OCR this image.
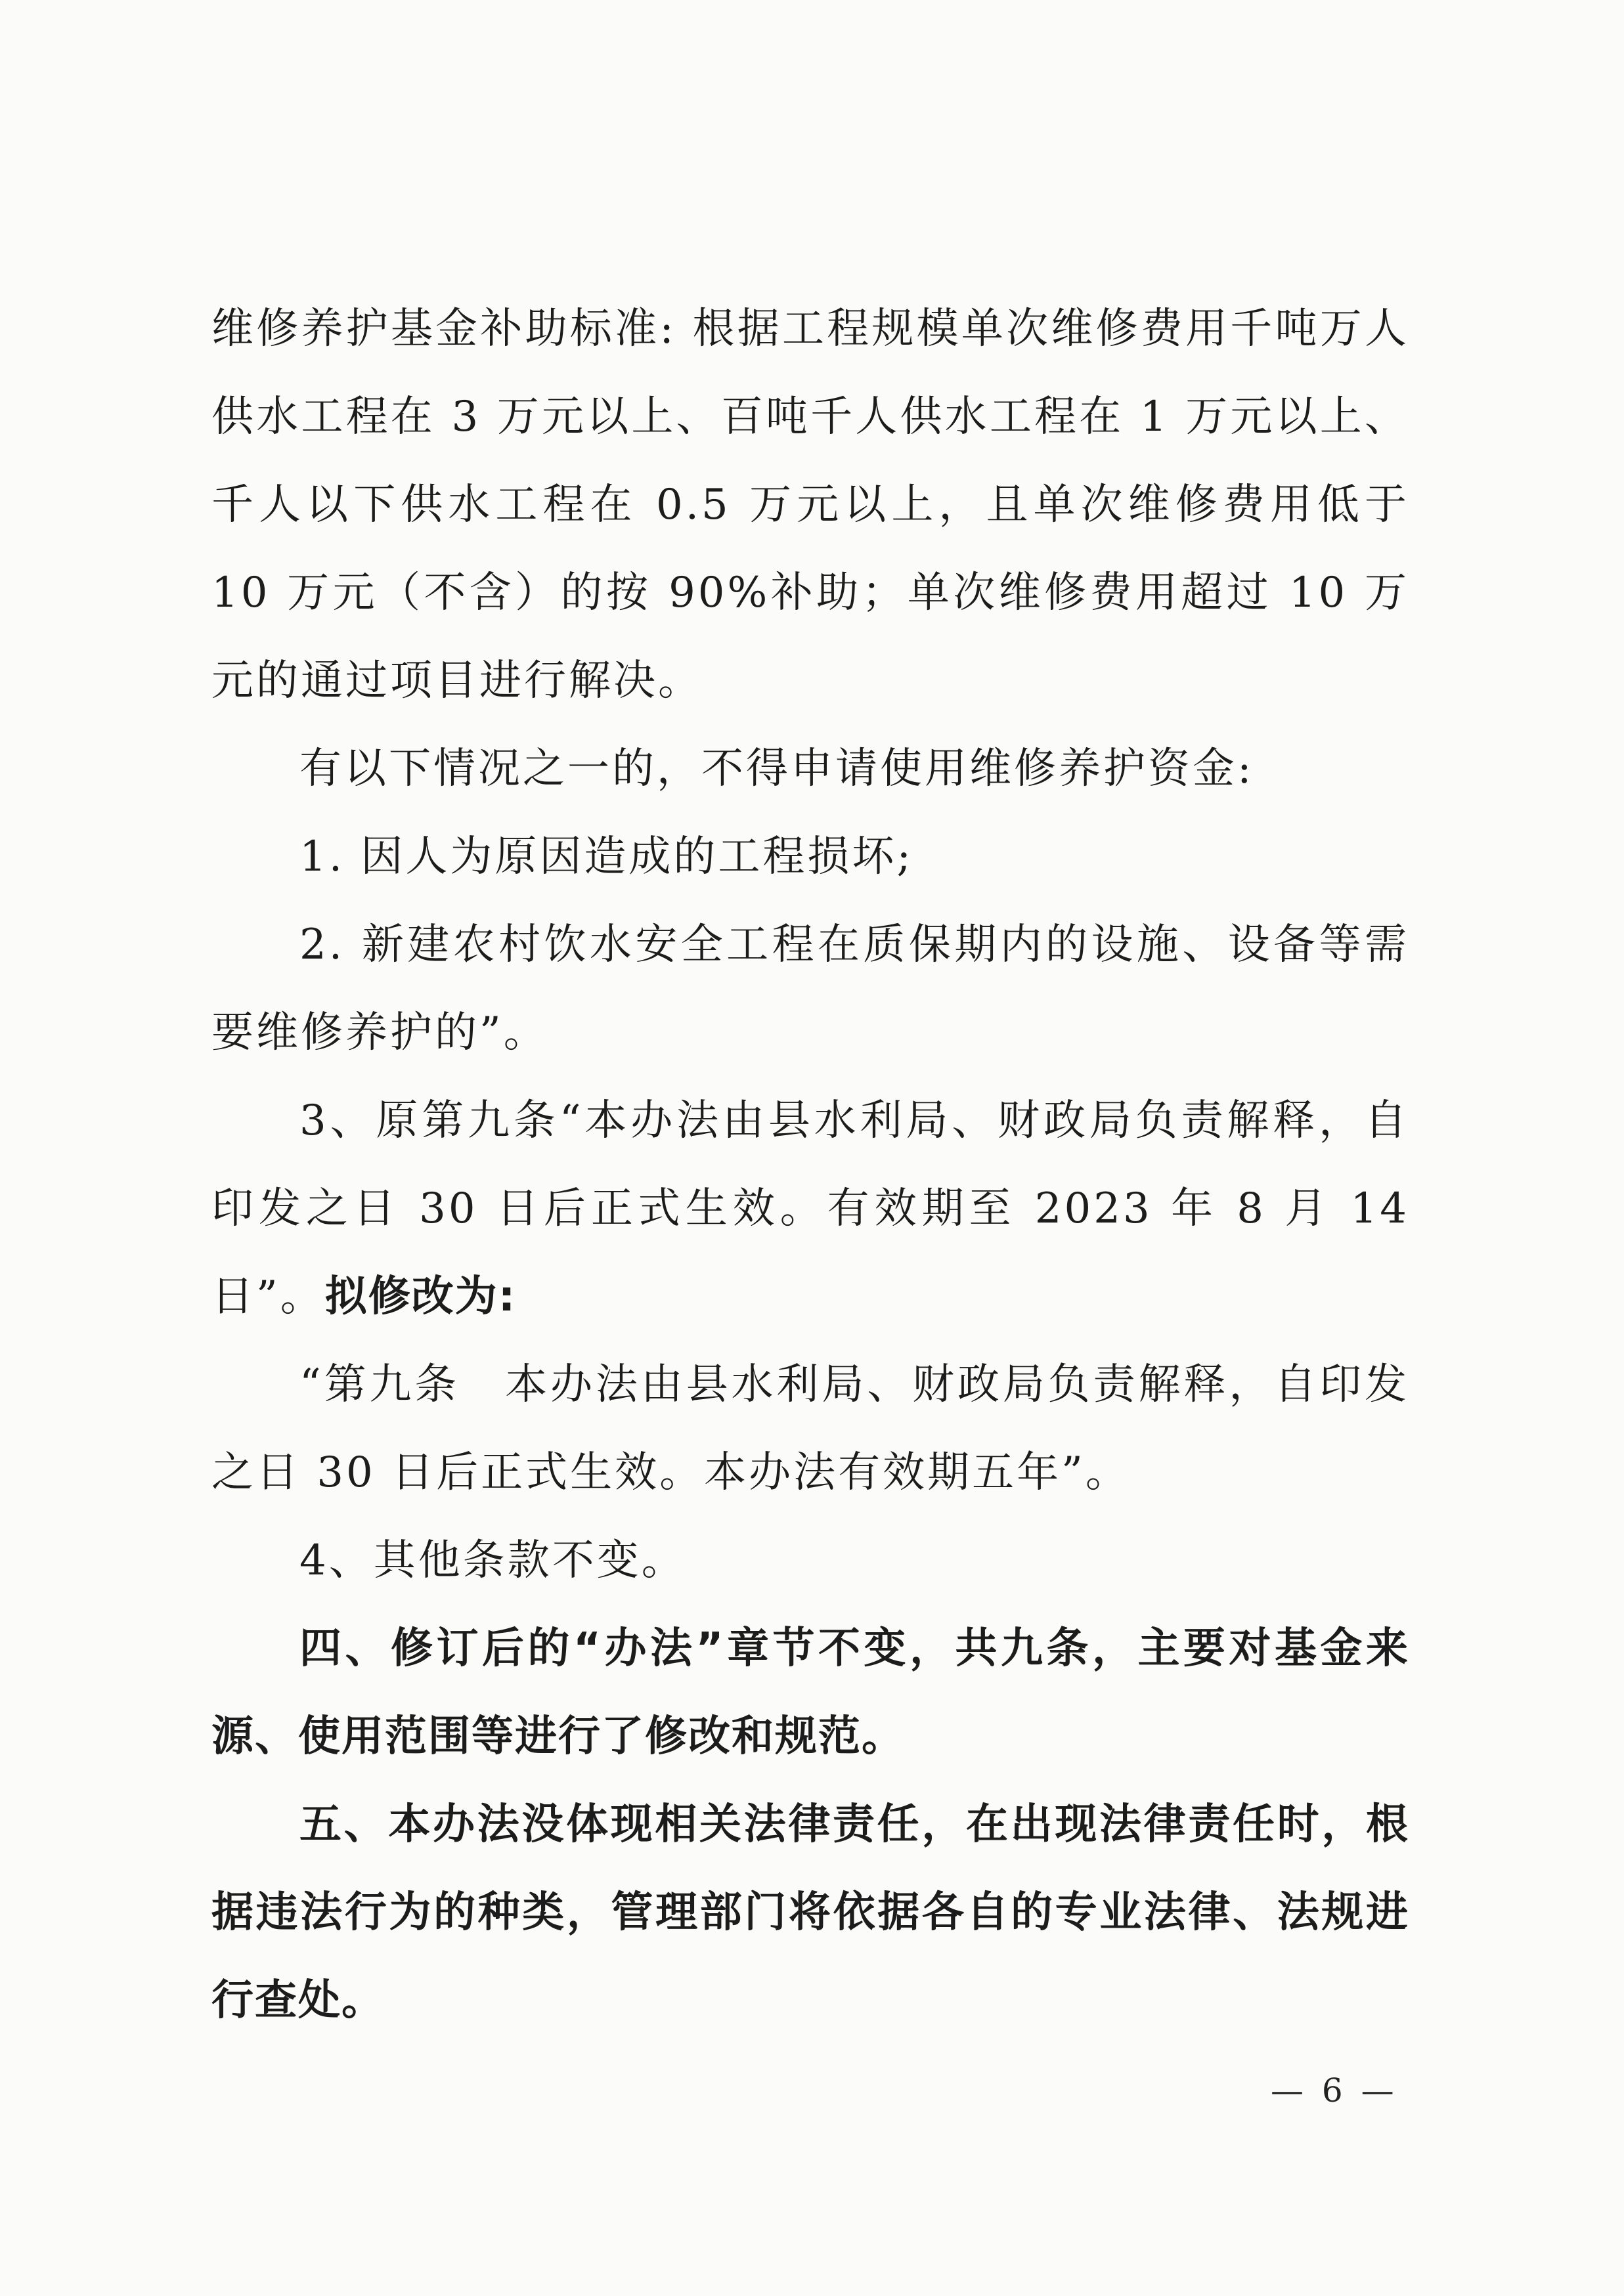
维修养护基金补助标准: 根据工程规模单次维修费用千吨万人供水工程在 3 万元以上、百吨千人供水工程在 1 万元以上、千人以下供水工程在 0.5 万元以上，且单次维修费用低于 10 万元（不含）的按 90%补助；单次维修费用超过 10 万元的通过项目进行解决。

有以下情况之一的，不得申请使用维修养护资金:

1. 因人为原因造成的工程损坏;

2. 新建农村饮水安全工程在质保期内的设施、设备等需要维修养护的”。

3、原第九条“本办法由县水利局、财政局负责解释，自印发之日 30 日后正式生效。有效期至 2023 年 8 月 14 日”。拟修改为:

“第九条　本办法由县水利局、财政局负责解释，自印发之日 30 日后正式生效。本办法有效期五年”。

4、其他条款不变。

四、修订后的“办法”章节不变，共九条，主要对基金来源、使用范围等进行了修改和规范。

五、本办法没体现相关法律责任，在出现法律责任时，根据违法行为的种类，管理部门将依据各自的专业法律、法规进行查处。

— 6 —
